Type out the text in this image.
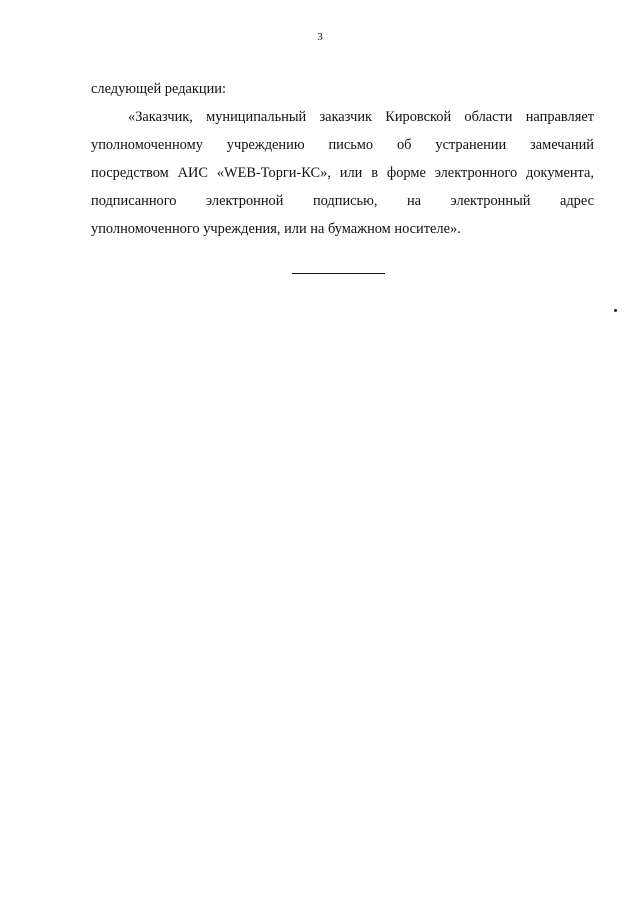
3

следующей редакции:

«Заказчик, муниципальный заказчик Кировской области направляет
уполномоченному учреждению письмо об устранении замечаний
посредством АИС «WEB-Торги-КС», или в форме электронного документа,
подписанного электронной подписью, на электронный адрес
уполномоченного учреждения, или на бумажном носителе».
